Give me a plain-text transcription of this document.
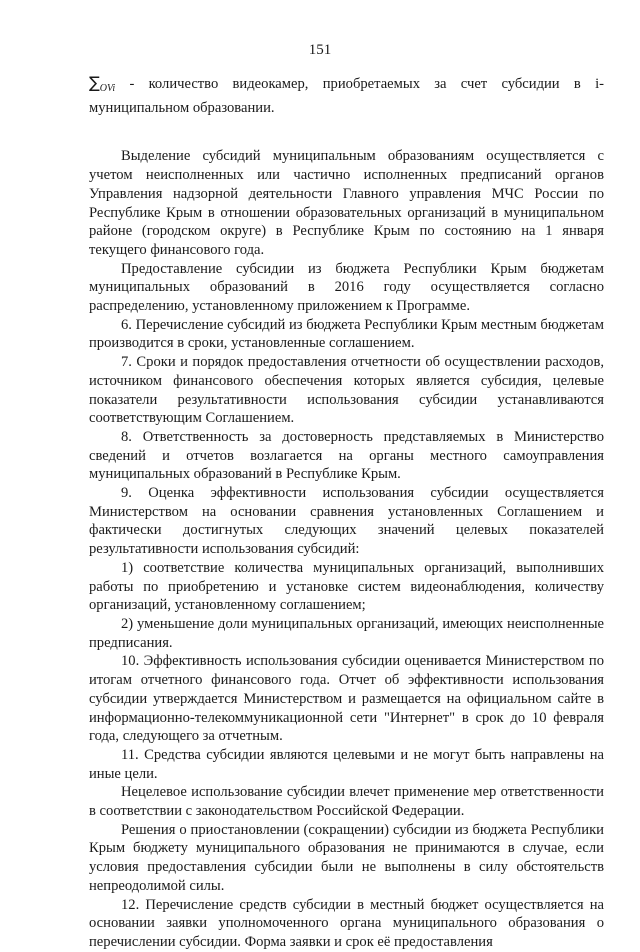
151

$\sum_{OVi}$ - количество видеокамер, приобретаемых за счет субсидии в i-муниципальном образовании.

Выделение субсидий муниципальным образованиям осуществляется с учетом неисполненных или частично исполненных предписаний органов Управления надзорной деятельности Главного управления МЧС России по Республике Крым в отношении образовательных организаций в муниципальном районе (городском округе) в Республике Крым по состоянию на 1 января текущего финансового года.

Предоставление субсидии из бюджета Республики Крым бюджетам муниципальных образований в 2016 году осуществляется согласно распределению, установленному приложением к Программе.

6. Перечисление субсидий из бюджета Республики Крым местным бюджетам производится в сроки, установленные соглашением.

7. Сроки и порядок предоставления отчетности об осуществлении расходов, источником финансового обеспечения которых является субсидия, целевые показатели результативности использования субсидии устанавливаются соответствующим Соглашением.

8. Ответственность за достоверность представляемых в Министерство сведений и отчетов возлагается на органы местного самоуправления муниципальных образований в Республике Крым.

9. Оценка эффективности использования субсидии осуществляется Министерством на основании сравнения установленных Соглашением и фактически достигнутых следующих значений целевых показателей результативности использования субсидий:

1) соответствие количества муниципальных организаций, выполнивших работы по приобретению и установке систем видеонаблюдения, количеству организаций, установленному соглашением;

2) уменьшение доли муниципальных организаций, имеющих неисполненные предписания.

10. Эффективность использования субсидии оценивается Министерством по итогам отчетного финансового года. Отчет об эффективности использования субсидии утверждается Министерством и размещается на официальном сайте в информационно-телекоммуникационной сети "Интернет" в срок до 10 февраля года, следующего за отчетным.

11. Средства субсидии являются целевыми и не могут быть направлены на иные цели.

Нецелевое использование субсидии влечет применение мер ответственности в соответствии с законодательством Российской Федерации.

Решения о приостановлении (сокращении) субсидии из бюджета Республики Крым бюджету муниципального образования не принимаются в случае, если условия предоставления субсидии были не выполнены в силу обстоятельств непреодолимой силы.

12. Перечисление средств субсидии в местный бюджет осуществляется на основании заявки уполномоченного органа муниципального образования о перечислении субсидии. Форма заявки и срок её предоставления
